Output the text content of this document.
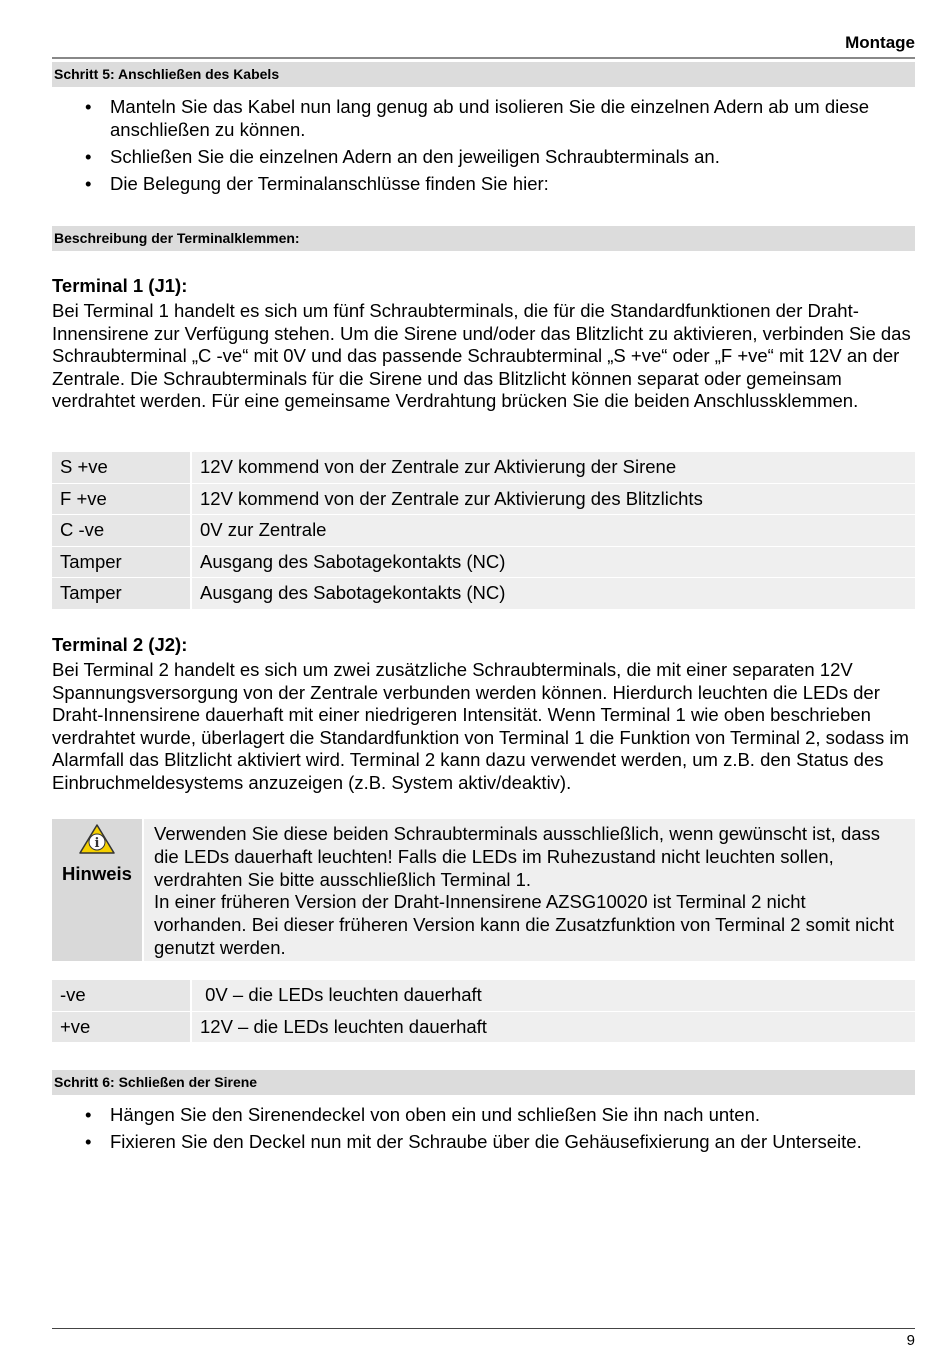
Montage
Schritt 5: Anschließen des Kabels
• Manteln Sie das Kabel nun lang genug ab und isolieren Sie die einzelnen Adern ab um diese anschließen zu können.
• Schließen Sie die einzelnen Adern an den jeweiligen Schraubterminals an.
• Die Belegung der Terminalanschlüsse finden Sie hier:
Beschreibung der Terminalklemmen:
Terminal 1 (J1):

Bei Terminal 1 handelt es sich um fünf Schraubterminals, die für die Standardfunktionen der Draht-Innensirene zur Verfügung stehen. Um die Sirene und/oder das Blitzlicht zu aktivieren, verbinden Sie das Schraubterminal „C -ve“ mit 0V und das passende Schraubterminal „S +ve“ oder „F +ve“ mit 12V an der Zentrale. Die Schraubterminals für die Sirene und das Blitzlicht können separat oder gemeinsam verdrahtet werden. Für eine gemeinsame Verdrahtung brücken Sie die beiden Anschlussklemmen.

S +ve	12V kommend von der Zentrale zur Aktivierung der Sirene
F +ve	12V kommend von der Zentrale zur Aktivierung des Blitzlichts
C -ve	0V zur Zentrale
Tamper	Ausgang des Sabotagekontakts (NC)
Tamper	Ausgang des Sabotagekontakts (NC)
Terminal 2 (J2):

Bei Terminal 2 handelt es sich um zwei zusätzliche Schraubterminals, die mit einer separaten 12V Spannungsversorgung von der Zentrale verbunden werden können. Hierdurch leuchten die LEDs der Draht-Innensirene dauerhaft mit einer niedrigeren Intensität. Wenn Terminal 1 wie oben beschrieben verdrahtet wurde, überlagert die Standardfunktion von Terminal 1 die Funktion von Terminal 2, sodass im Alarmfall das Blitzlicht aktiviert wird. Terminal 2 kann dazu verwendet werden, um z.B. den Status des Einbruchmeldesystems anzuzeigen (z.B. System aktiv/deaktiv).

i
Hinweis

Verwenden Sie diese beiden Schraubterminals ausschließlich, wenn gewünscht ist, dass die LEDs dauerhaft leuchten! Falls die LEDs im Ruhezustand nicht leuchten sollen, verdrahten Sie bitte ausschließlich Terminal 1.

In einer früheren Version der Draht-Innensirene AZSG10020 ist Terminal 2 nicht vorhanden. Bei dieser früheren Version kann die Zusatzfunktion von Terminal 2 somit nicht genutzt werden.

-ve	0V – die LEDs leuchten dauerhaft
+ve	12V – die LEDs leuchten dauerhaft
Schritt 6: Schließen der Sirene
• Hängen Sie den Sirenendeckel von oben ein und schließen Sie ihn nach unten.
• Fixieren Sie den Deckel nun mit der Schraube über die Gehäusefixierung an der Unterseite.
9
